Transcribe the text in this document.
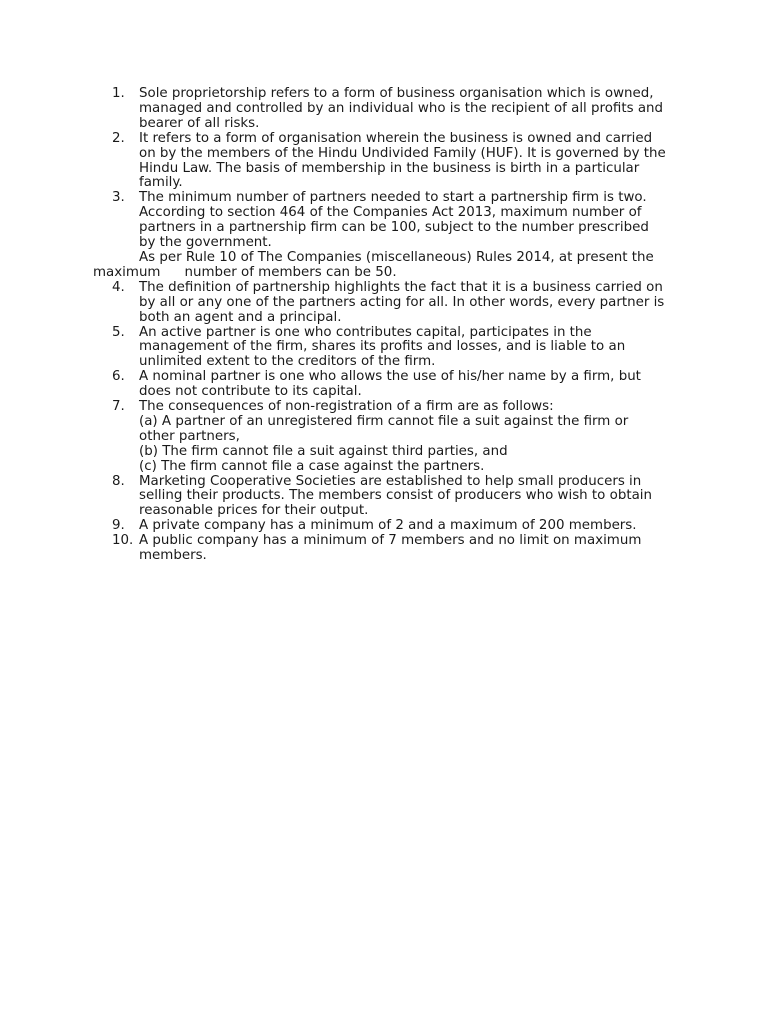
1.	Sole proprietorship refers to a form of business organisation which is owned,
managed and controlled by an individual who is the recipient of all profits and
bearer of all risks.
2.	It refers to a form of organisation wherein the business is owned and carried
on by the members of the Hindu Undivided Family (HUF). It is governed by the
Hindu Law. The basis of membership in the business is birth in a particular
family.
3.	The minimum number of partners needed to start a partnership firm is two.
According to section 464 of the Companies Act 2013, maximum number of
partners in a partnership firm can be 100, subject to the number prescribed
by the government.
As per Rule 10 of The Companies (miscellaneous) Rules 2014, at present the
maximum number of members can be 50.
4.	The definition of partnership highlights the fact that it is a business carried on
by all or any one of the partners acting for all. In other words, every partner is
both an agent and a principal.
5.	An active partner is one who contributes capital, participates in the
management of the firm, shares its profits and losses, and is liable to an
unlimited extent to the creditors of the firm.
6.	A nominal partner is one who allows the use of his/her name by a firm, but
does not contribute to its capital.
7.	The consequences of non-registration of a firm are as follows:
(a) A partner of an unregistered firm cannot file a suit against the firm or
other partners,
(b) The firm cannot file a suit against third parties, and
(c) The firm cannot file a case against the partners.
8.	Marketing Cooperative Societies are established to help small producers in
selling their products. The members consist of producers who wish to obtain
reasonable prices for their output.
9.	A private company has a minimum of 2 and a maximum of 200 members.
10. A public company has a minimum of 7 members and no limit on maximum
members.
